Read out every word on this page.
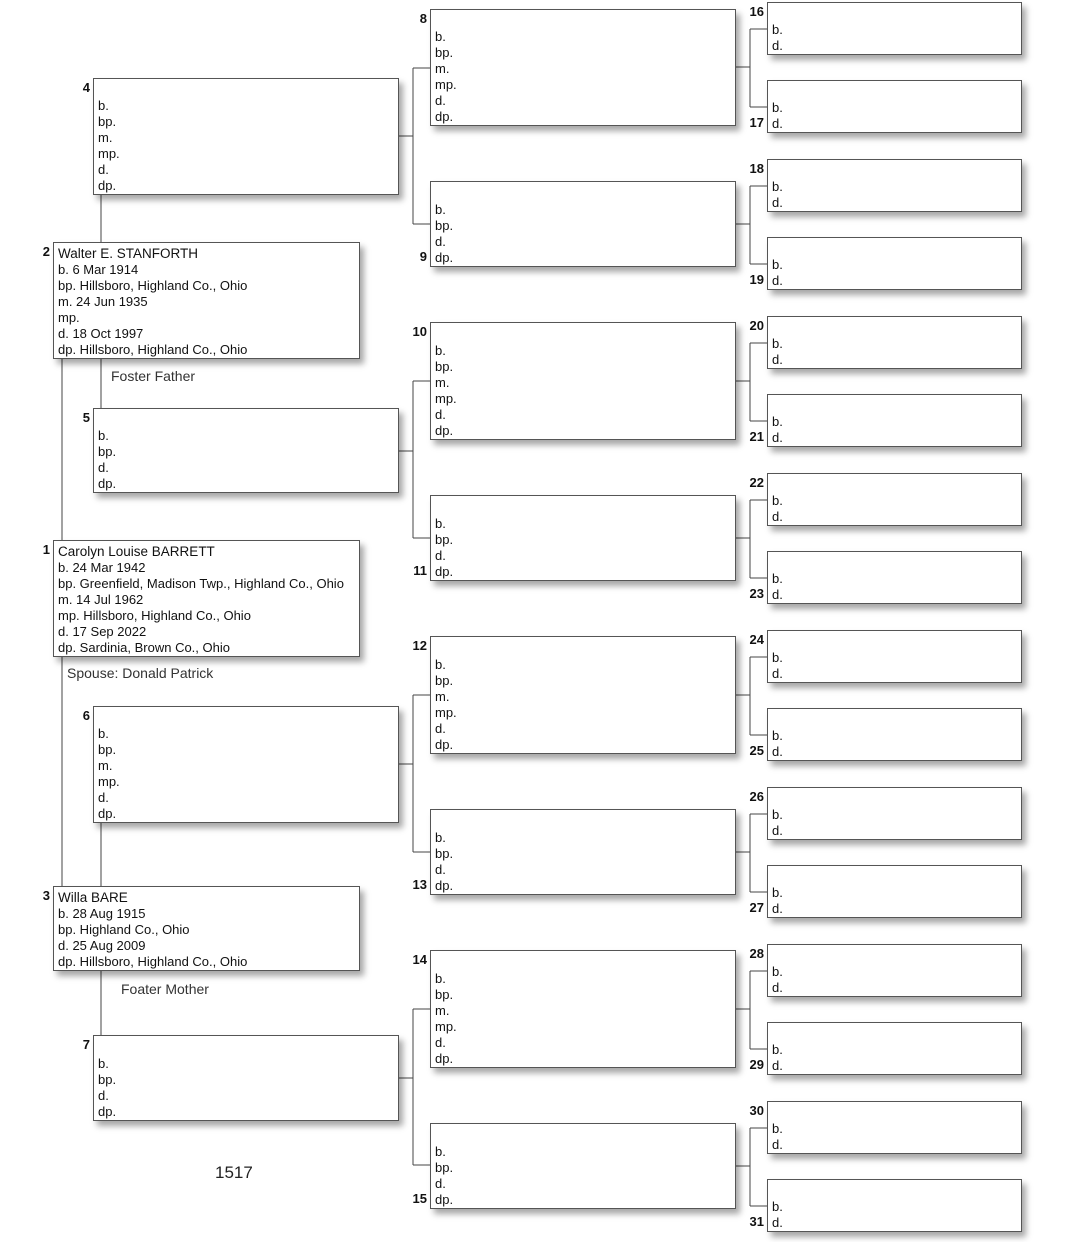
Walter E. STANFORTH
b. 6 Mar 1914
bp. Hillsboro, Highland Co., Ohio
m. 24 Jun 1935
mp.
d. 18 Oct 1997
dp. Hillsboro, Highland Co., Ohio
2
Carolyn Louise BARRETT
b. 24 Mar 1942
bp. Greenfield, Madison Twp., Highland Co., Ohio
m. 14 Jul 1962
mp. Hillsboro, Highland Co., Ohio
d. 17 Sep 2022
dp. Sardinia, Brown Co., Ohio
1
Willa BARE
b. 28 Aug 1915
bp. Highland Co., Ohio
d. 25 Aug 2009
dp. Hillsboro, Highland Co., Ohio
3
b.
bp.
m.
mp.
d.
dp.
4
b.
bp.
d.
dp.
5
b.
bp.
m.
mp.
d.
dp.
6
b.
bp.
d.
dp.
7
b.
bp.
m.
mp.
d.
dp.
8
b.
bp.
d.
dp.
9
b.
bp.
m.
mp.
d.
dp.
10
b.
bp.
d.
dp.
11
b.
bp.
m.
mp.
d.
dp.
12
b.
bp.
d.
dp.
13
b.
bp.
m.
mp.
d.
dp.
14
b.
bp.
d.
dp.
15
b.
d.
16
b.
d.
17
b.
d.
18
b.
d.
19
b.
d.
20
b.
d.
21
b.
d.
22
b.
d.
23
b.
d.
24
b.
d.
25
b.
d.
26
b.
d.
27
b.
d.
28
b.
d.
29
b.
d.
30
b.
d.
31
Foster Father
Spouse: Donald Patrick
Foater Mother
1517
